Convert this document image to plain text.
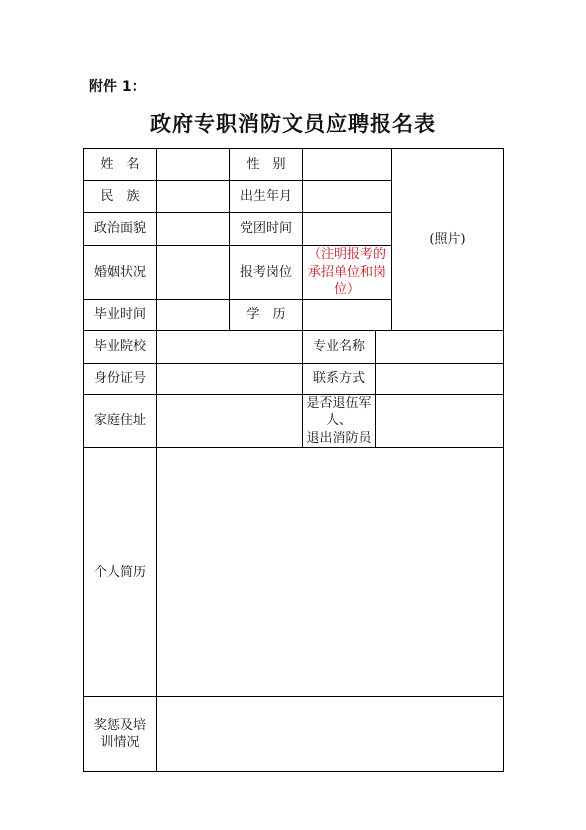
附件 1：
政府专职消防文员应聘报名表
姓　名		性　别			(照片)
民　族		出生年月			
政治面貌		党团时间			
婚姻状况		报考岗位	（注明报考的承招单位和岗位）		
毕业时间		学　历			
毕业院校			专业名称		
身份证号			联系方式		
家庭住址			是否退伍军人、
退出消防员		

个人简历					

奖惩及培
训情况					
